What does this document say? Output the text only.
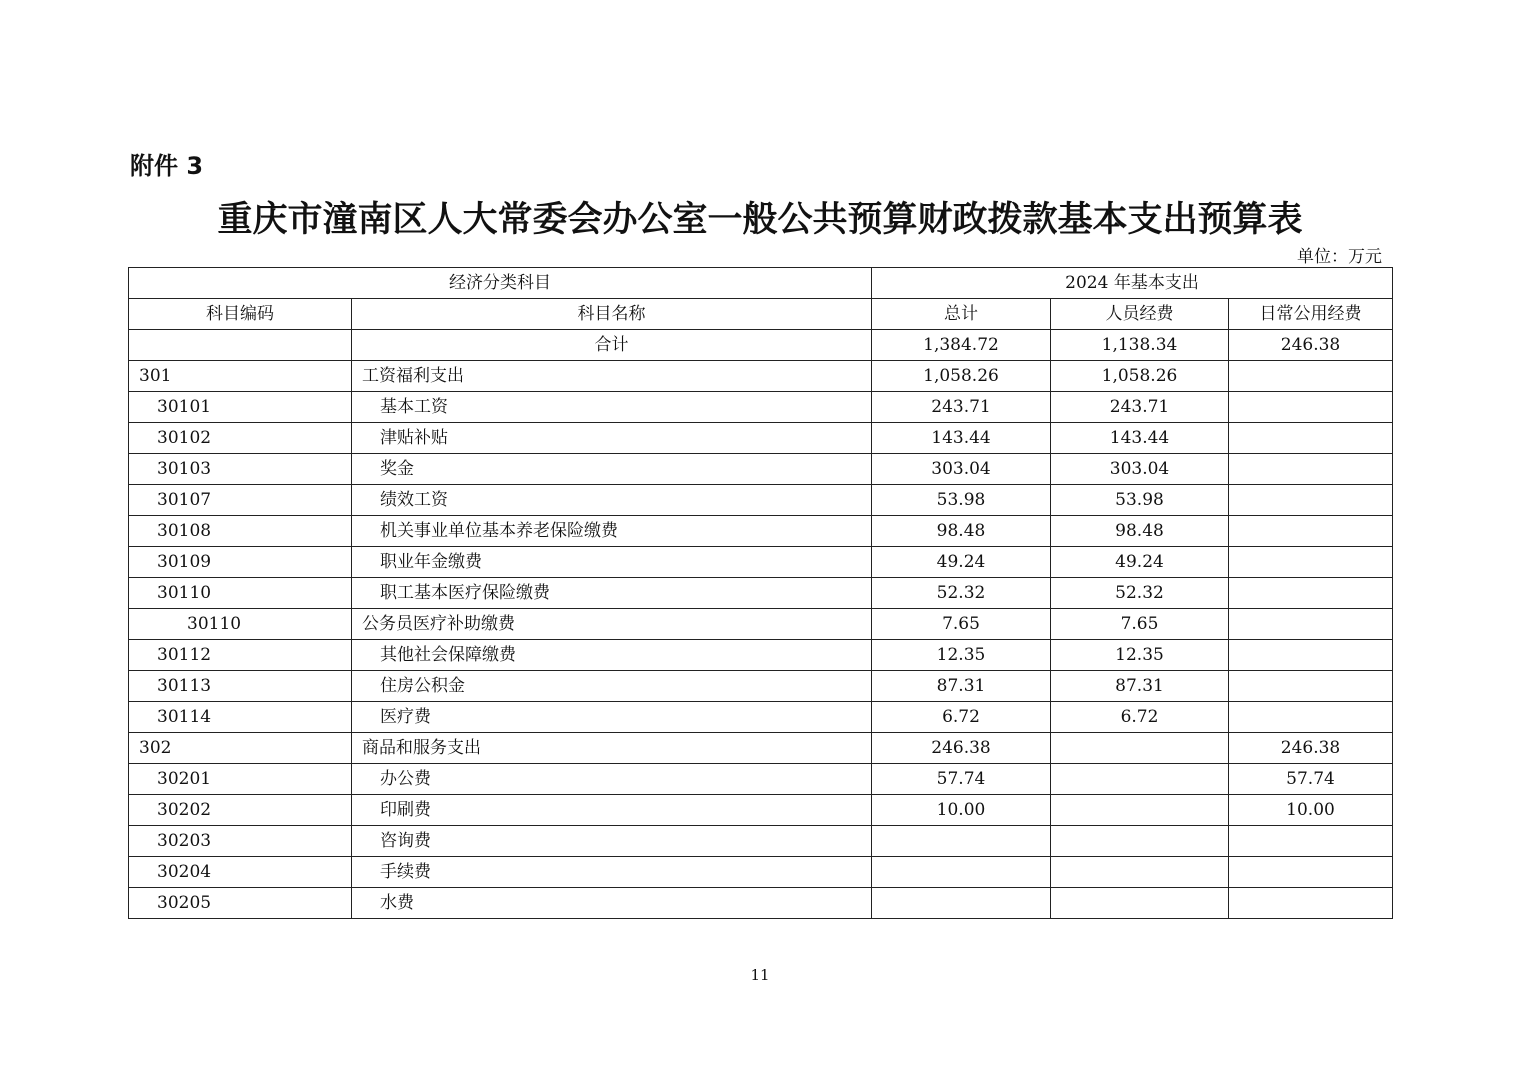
附件 3
重庆市潼南区人大常委会办公室一般公共预算财政拨款基本支出预算表
单位：万元
经济分类科目		2024 年基本支出		
科目编码	科目名称	总计	人员经费	日常公用经费
	合计	1,384.72	1,138.34	246.38
301	工资福利支出	1,058.26	1,058.26	
30101	基本工资	243.71	243.71	
30102	津贴补贴	143.44	143.44	
30103	奖金	303.04	303.04	
30107	绩效工资	53.98	53.98	
30108	机关事业单位基本养老保险缴费	98.48	98.48	
30109	职业年金缴费	49.24	49.24	
30110	职工基本医疗保险缴费	52.32	52.32	
30110	公务员医疗补助缴费	7.65	7.65	
30112	其他社会保障缴费	12.35	12.35	
30113	住房公积金	87.31	87.31	
30114	医疗费	6.72	6.72	
302	商品和服务支出	246.38		246.38
30201	办公费	57.74		57.74
30202	印刷费	10.00		10.00
30203	咨询费			
30204	手续费			
30205	水费			
11
